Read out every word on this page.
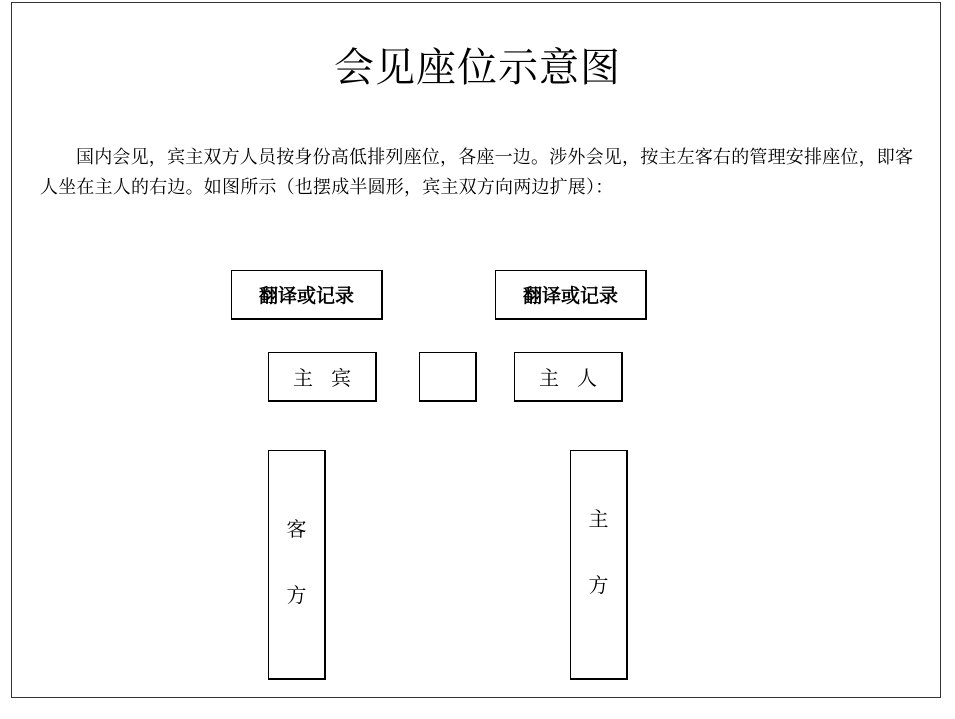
会见座位示意图
国内会见，宾主双方人员按身份高低排列座位，各座一边。涉外会见，按主左客右的管理安排座位，即客人坐在主人的右边。如图所示（也摆成半圆形，宾主双方向两边扩展）：
翻译或记录	翻译或记录
主宾	主人
客
方
主
方
